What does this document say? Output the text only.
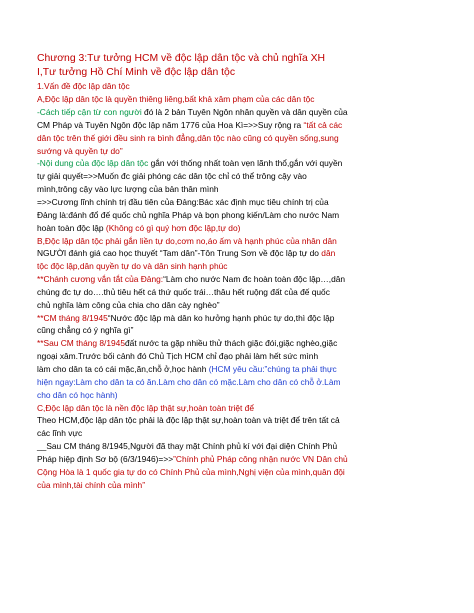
Chương 3:Tư tưởng HCM về độc lập dân tộc và chủ nghĩa XH
I,Tư tưởng Hồ Chí Minh về độc lập dân tộc
1.Vấn đề độc lập dân tộc
A,Độc lập dân tộc là quyền thiêng liêng,bất khả xâm phạm của các dân tộc
-Cách tiếp cận từ con người đó là 2 bản Tuyên Ngôn nhân quyền và dân quyền của
CM Pháp và Tuyên Ngôn độc lập năm 1776 của Hoa Kì=>>Suy rộng ra “tất cả các
dân tộc trên thế giới đều sinh ra bình đẳng,dân tộc nào cũng có quyền sống,sung
sướng và quyền tự do”
-Nội dung của độc lập dân tộc gắn với thống nhất toàn vẹn lãnh thổ,gắn với quyền
tự giải quyết=>>Muốn đc giải phóng các dân tộc chỉ có thể trông cậy vào
mình,trông cậy vào lực lượng của bản thân mình
=>>Cương lĩnh chính trị đầu tiên của Đảng:Bác xác định mục tiêu chính trị của
Đảng là:đánh đổ đế quốc chủ nghĩa Pháp và bọn phong kiến/Làm cho nước Nam
hoàn toàn độc lập (Không có gì quý hơn độc lập,tự do)
B,Độc lập dân tộc phải gắn liền tự do,cơm no,áo ấm và hạnh phúc của nhân dân
NGƯỜI đánh giá cao học thuyết “Tam dân”-Tôn Trung Sơn về độc lập tự do dân
tộc độc lập,dân quyền tự do và dân sinh hạnh phúc
**Chánh cương vắn tắt của Đảng:“Làm cho nước Nam đc hoàn toàn độc lập…,dân
chúng đc tự do….thủ tiêu hết cá thứ quốc trái…thâu hết ruộng đất của đế quốc
chủ nghĩa làm công của chia cho dân cày nghèo”
**CM tháng 8/1945“Nước độc lập mà dân ko hưởng hạnh phúc tự do,thì độc lập
cũng chẳng có ý nghĩa gì”
**Sau CM tháng 8/1945đất nước ta gặp nhiều thử thách giặc đói,giặc nghèo,giặc
ngoại xâm.Trước bối cảnh đó Chủ Tịch HCM chỉ đạo phải làm hết sức mình
làm cho dân ta có cái mặc,ăn,chỗ ở,học hành (HCM yêu cầu:”chúng ta phải thực
hiện ngay:Làm cho dân ta có ăn.Làm cho dân có mặc.Làm cho dân có chỗ ở.Làm
cho dân có học hành)
C,Độc lập dân tộc là nền độc lập thật sự,hoàn toàn triệt để
Theo HCM,độc lập dân tộc phải là độc lập thật sự,hoàn toàn và triệt để trên tất cả
các lĩnh vực
__Sau CM tháng 8/1945,Người đã thay mặt Chính phủ kí với đại diện Chính Phủ
Pháp hiệp định Sơ bộ (6/3/1946)=>>”Chính phủ Pháp công nhận nước VN Dân chủ
Cộng Hòa là 1 quốc gia tự do có Chính Phủ của mình,Nghị viện của mình,quân đội
của mình,tài chính của mình”
